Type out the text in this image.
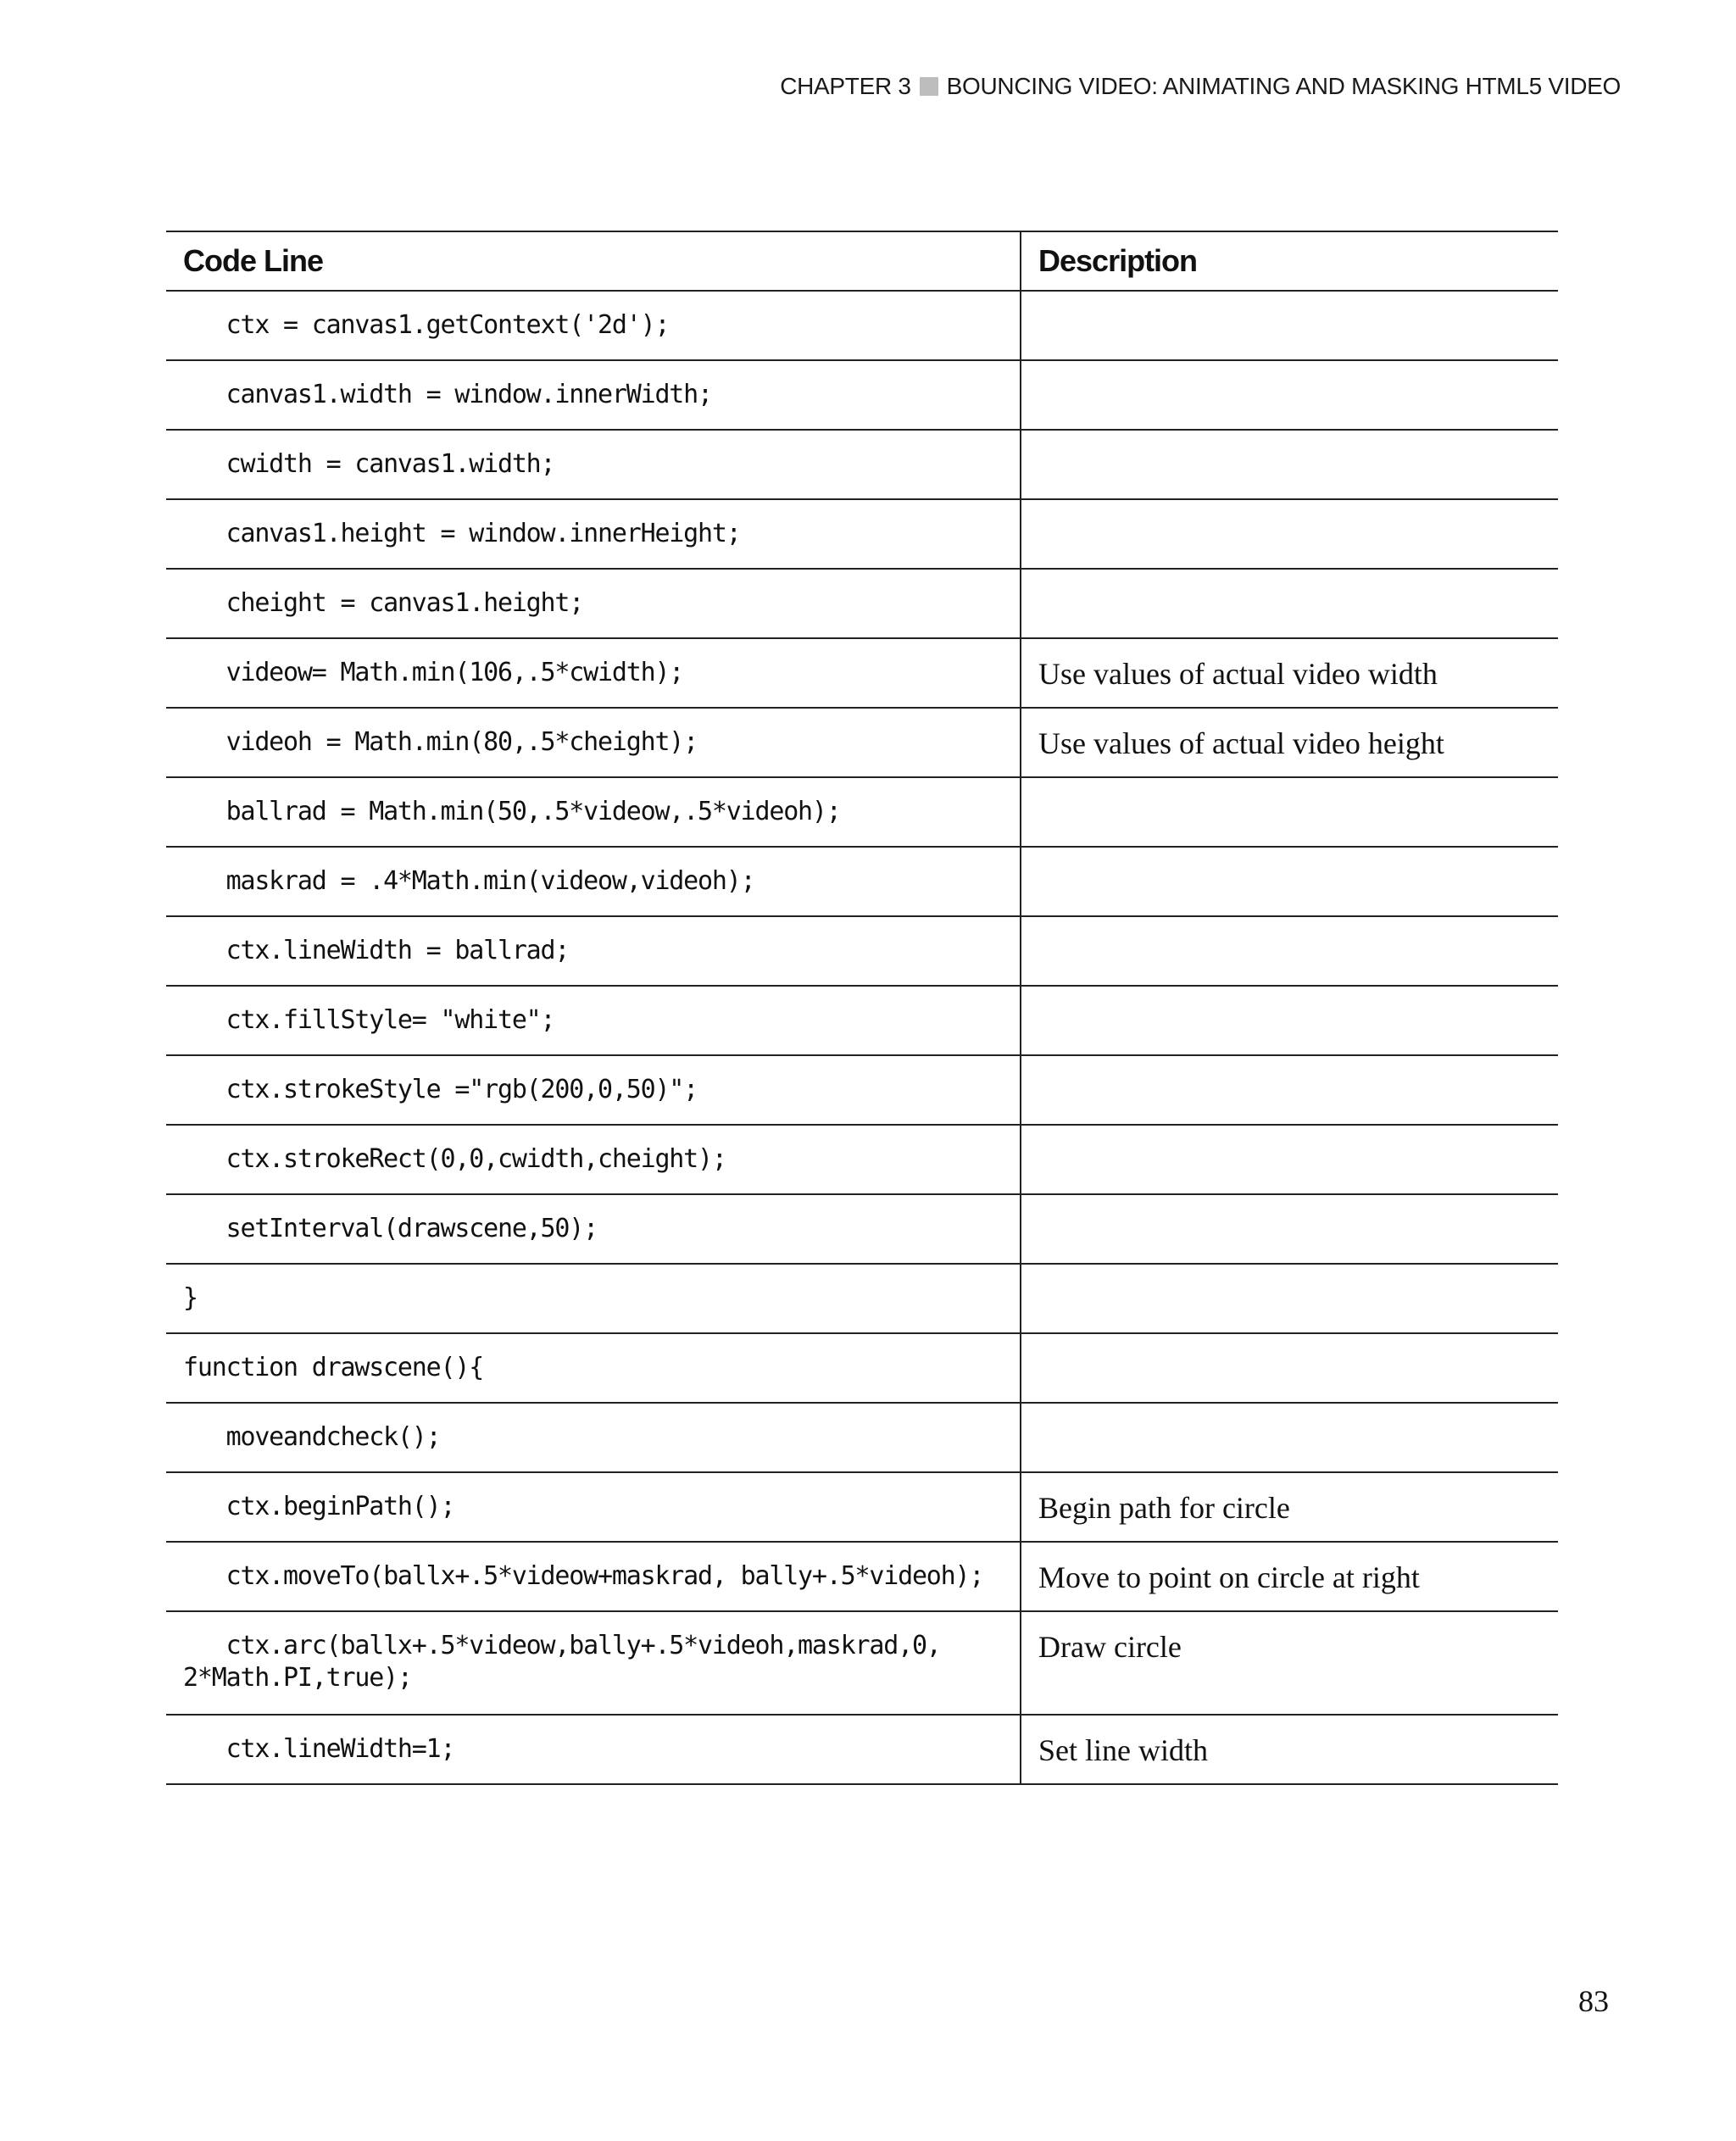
CHAPTER 3 BOUNCING VIDEO: ANIMATING AND MASKING HTML5 VIDEO
Code Line	Description
ctx = canvas1.getContext('2d');	
canvas1.width = window.innerWidth;	
cwidth = canvas1.width;	
canvas1.height = window.innerHeight;	
cheight = canvas1.height;	
videow= Math.min(106,.5*cwidth);	Use values of actual video width
videoh = Math.min(80,.5*cheight);	Use values of actual video height
ballrad = Math.min(50,.5*videow,.5*videoh);	
maskrad = .4*Math.min(videow,videoh);	
ctx.lineWidth = ballrad;	
ctx.fillStyle= "white";	
ctx.strokeStyle ="rgb(200,0,50)";	
ctx.strokeRect(0,0,cwidth,cheight);	
setInterval(drawscene,50);	
}	
function drawscene(){	
moveandcheck();	
ctx.beginPath();	Begin path for circle
ctx.moveTo(ballx+.5*videow+maskrad, bally+.5*videoh);	Move to point on circle at right
ctx.arc(ballx+.5*videow,bally+.5*videoh,maskrad,0,
2*Math.PI,true);	Draw circle
ctx.lineWidth=1;	Set line width
83
